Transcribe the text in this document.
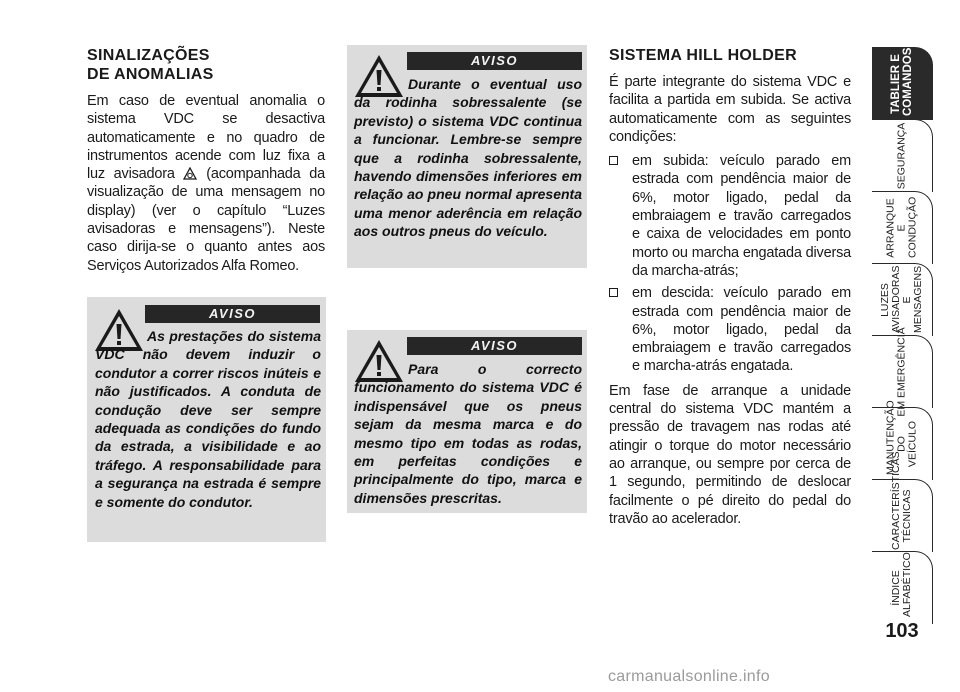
SINALIZAÇÕES
DE ANOMALIAS

Em caso de eventual anomalia o sistema VDC se desactiva automaticamente e no quadro de instrumentos acende com luz fixa a luz avisadora (acompanhada da visualização de uma mensagem no display) (ver o capítulo “Luzes avisadoras e mensagens”). Neste caso dirija-se o quanto antes aos Serviços Autorizados Alfa Romeo.

AVISO
As prestações do sistema VDC não devem induzir o condutor a correr riscos inúteis e não justificados. A conduta de condução deve ser sempre adequada as condições do fundo da estrada, a visibilidade e ao tráfego. A responsabilidade para a segurança na estrada é sempre e somente do condutor.
AVISO
Durante o eventual uso da rodinha sobressalente (se previsto) o sistema VDC continua a funcionar. Lembre-se sempre que a rodinha sobressalente, havendo dimensões inferiores em relação ao pneu normal apresenta uma menor aderência em relação aos outros pneus do veículo.
AVISO
Para o correcto funcionamento do sistema VDC é indispensável que os pneus sejam da mesma marca e do mesmo tipo em todas as rodas, em perfeitas condições e principalmente do tipo, marca e dimensões prescritas.
SISTEMA HILL HOLDER

É parte integrante do sistema VDC e facilita a partida em subida. Se activa automaticamente com as seguintes condições:

em subida: veículo parado em estrada com pendência maior de 6%, motor ligado, pedal da embraiagem e travão carregados e caixa de velocidades em ponto morto ou marcha engatada diversa da marcha-atrás;
em descida: veículo parado em estrada com pendência maior de 6%, motor ligado, pedal da embraiagem e travão carregados e marcha-atrás engatada.

Em fase de arranque a unidade central do sistema VDC mantém a pressão de travagem nas rodas até atingir o torque do motor necessário ao arranque, ou sempre por cerca de 1 segundo, permitindo de deslocar facilmente o pé direito do pedal do travão ao acelerador.

TABLIER E COMANDOS
SEGURANÇA
ARRANQUE E CONDUÇÃO
LUZES AVISADORAS E MENSAGENS
EM EMERGÊNCIA
MANUTENÇÃO DO VEÍCULO
CARACTERÍSTICAS TÉCNICAS
ÍNDICE ALFABÉTICO
103
carmanualsonline.info
